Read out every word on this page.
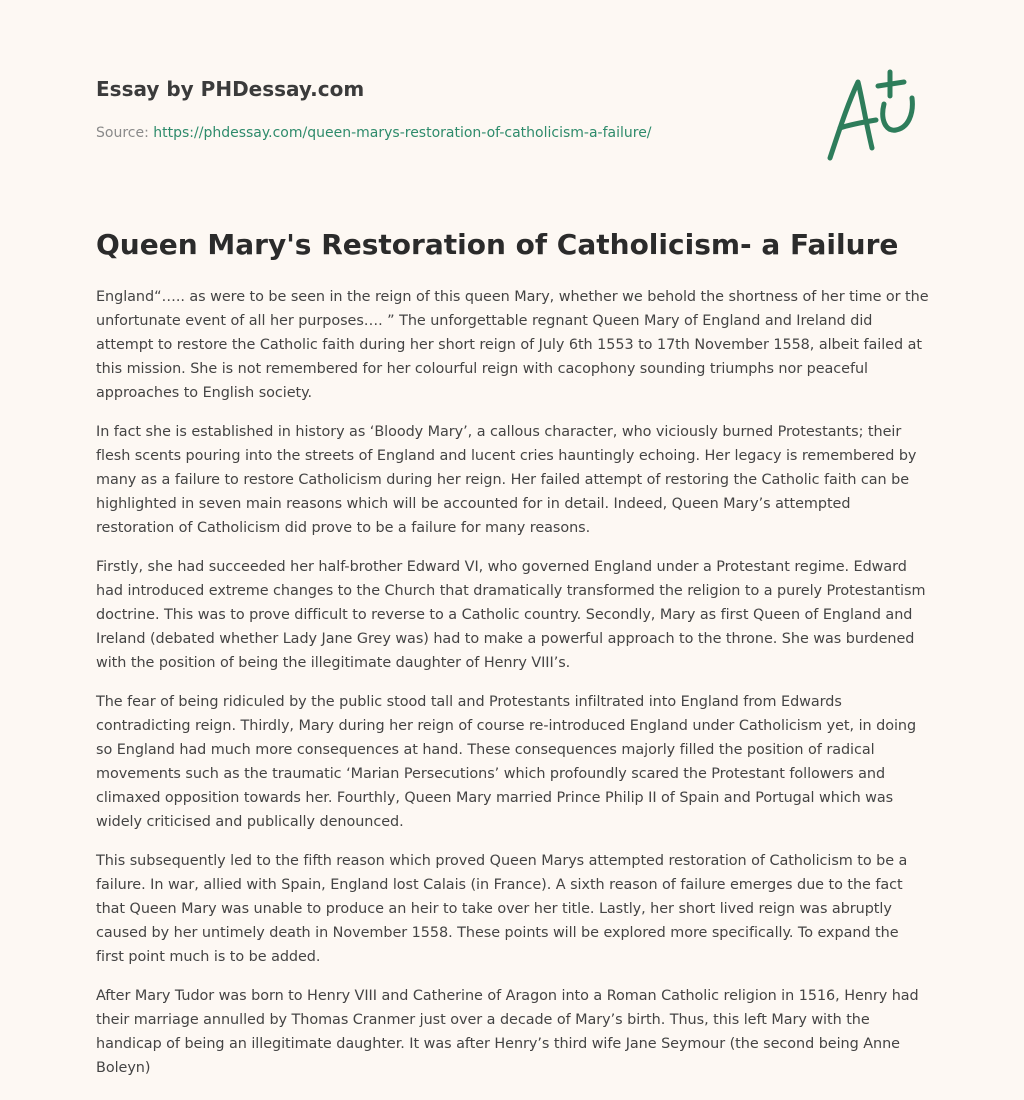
Essay by PHDessay.com
Source: https://phdessay.com/queen-marys-restoration-of-catholicism-a-failure/
Queen Mary's Restoration of Catholicism- a Failure

England“….. as were to be seen in the reign of this queen Mary, whether we behold the shortness of her time or the unfortunate event of all her purposes…. ” The unforgettable regnant Queen Mary of England and Ireland did attempt to restore the Catholic faith during her short reign of July 6th 1553 to 17th November 1558, albeit failed at this mission. She is not remembered for her colourful reign with cacophony sounding triumphs nor peaceful approaches to English society.

In fact she is established in history as ‘Bloody Mary’, a callous character, who viciously burned Protestants; their flesh scents pouring into the streets of England and lucent cries hauntingly echoing. Her legacy is remembered by many as a failure to restore Catholicism during her reign. Her failed attempt of restoring the Catholic faith can be highlighted in seven main reasons which will be accounted for in detail. Indeed, Queen Mary’s attempted restoration of Catholicism did prove to be a failure for many reasons.

Firstly, she had succeeded her half-brother Edward VI, who governed England under a Protestant regime. Edward had introduced extreme changes to the Church that dramatically transformed the religion to a purely Protestantism doctrine. This was to prove difficult to reverse to a Catholic country. Secondly, Mary as first Queen of England and Ireland (debated whether Lady Jane Grey was) had to make a powerful approach to the throne. She was burdened with the position of being the illegitimate daughter of Henry VIII’s.

The fear of being ridiculed by the public stood tall and Protestants infiltrated into England from Edwards contradicting reign. Thirdly, Mary during her reign of course re-introduced England under Catholicism yet, in doing so England had much more consequences at hand. These consequences majorly filled the position of radical movements such as the traumatic ‘Marian Persecutions’ which profoundly scared the Protestant followers and climaxed opposition towards her. Fourthly, Queen Mary married Prince Philip II of Spain and Portugal which was widely criticised and publically denounced.

This subsequently led to the fifth reason which proved Queen Marys attempted restoration of Catholicism to be a failure. In war, allied with Spain, England lost Calais (in France). A sixth reason of failure emerges due to the fact that Queen Mary was unable to produce an heir to take over her title. Lastly, her short lived reign was abruptly caused by her untimely death in November 1558. These points will be explored more specifically. To expand the first point much is to be added.

After Mary Tudor was born to Henry VIII and Catherine of Aragon into a Roman Catholic religion in 1516, Henry had their marriage annulled by Thomas Cranmer just over a decade of Mary’s birth. Thus, this left Mary with the handicap of being an illegitimate daughter. It was after Henry’s third wife Jane Seymour (the second being Anne Boleyn)
